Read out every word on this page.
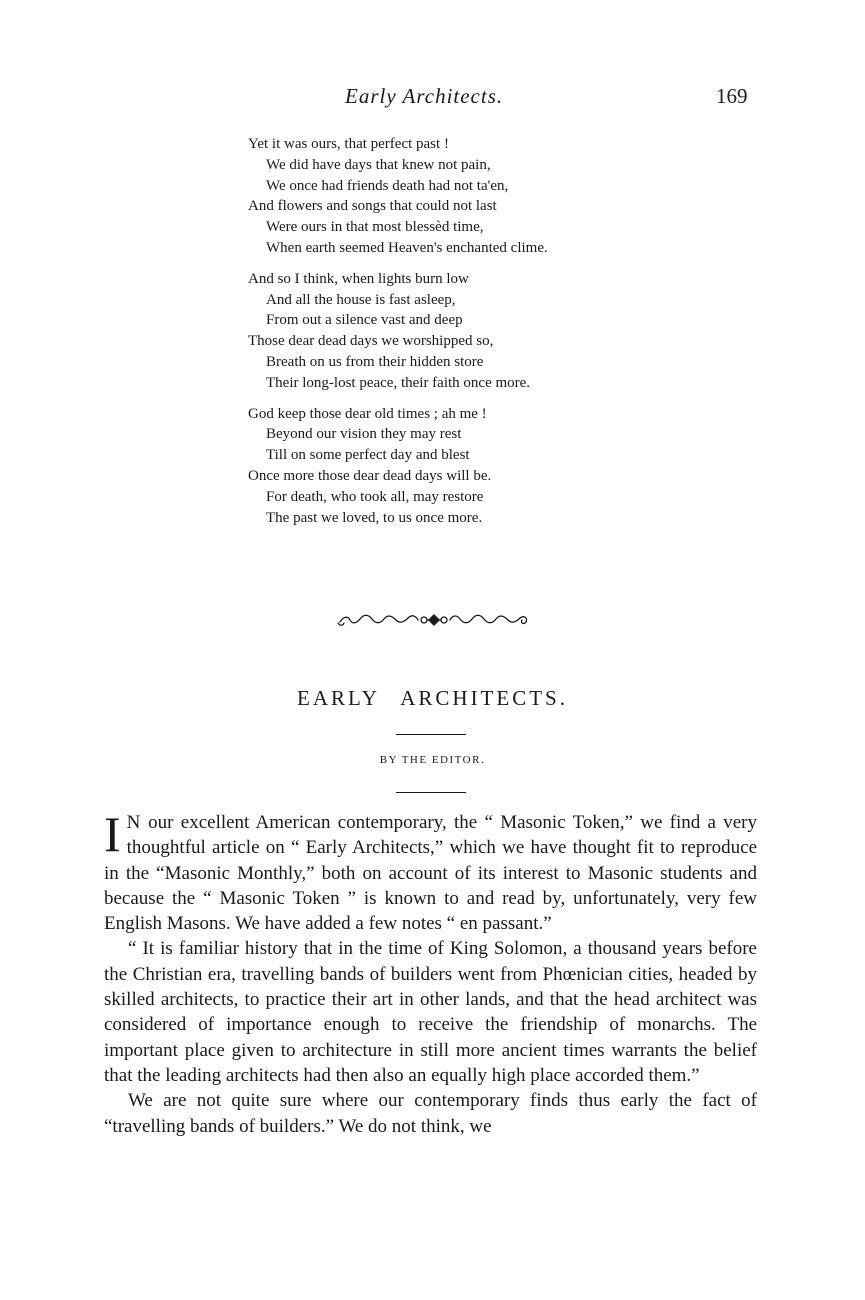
Early Architects.	169
Yet it was ours, that perfect past !
We did have days that knew not pain,
We once had friends death had not ta'en,
And flowers and songs that could not last
Were ours in that most blessèd time,
When earth seemed Heaven's enchanted clime.
And so I think, when lights burn low
And all the house is fast asleep,
From out a silence vast and deep
Those dear dead days we worshipped so,
Breath on us from their hidden store
Their long-lost peace, their faith once more.
God keep those dear old times ; ah me !
Beyond our vision they may rest
Till on some perfect day and blest
Once more those dear dead days will be.
For death, who took all, may restore
The past we loved, to us once more.
EARLY ARCHITECTS.
BY THE EDITOR.

I N our excellent American contemporary, the “ Masonic Token,” we find a very thoughtful article on “ Early Architects,” which we have thought fit to reproduce in the “Masonic Monthly,” both on account of its interest to Masonic students and because the “ Masonic Token ” is known to and read by, unfortunately, very few English Masons. We have added a few notes “ en passant.”

“ It is familiar history that in the time of King Solomon, a thousand years before the Christian era, travelling bands of builders went from Phœnician cities, headed by skilled architects, to practice their art in other lands, and that the head architect was considered of importance enough to receive the friendship of monarchs. The important place given to architecture in still more ancient times warrants the belief that the leading architects had then also an equally high place accorded them.”

We are not quite sure where our contemporary finds thus early the fact of “travelling bands of builders.” We do not think, we
